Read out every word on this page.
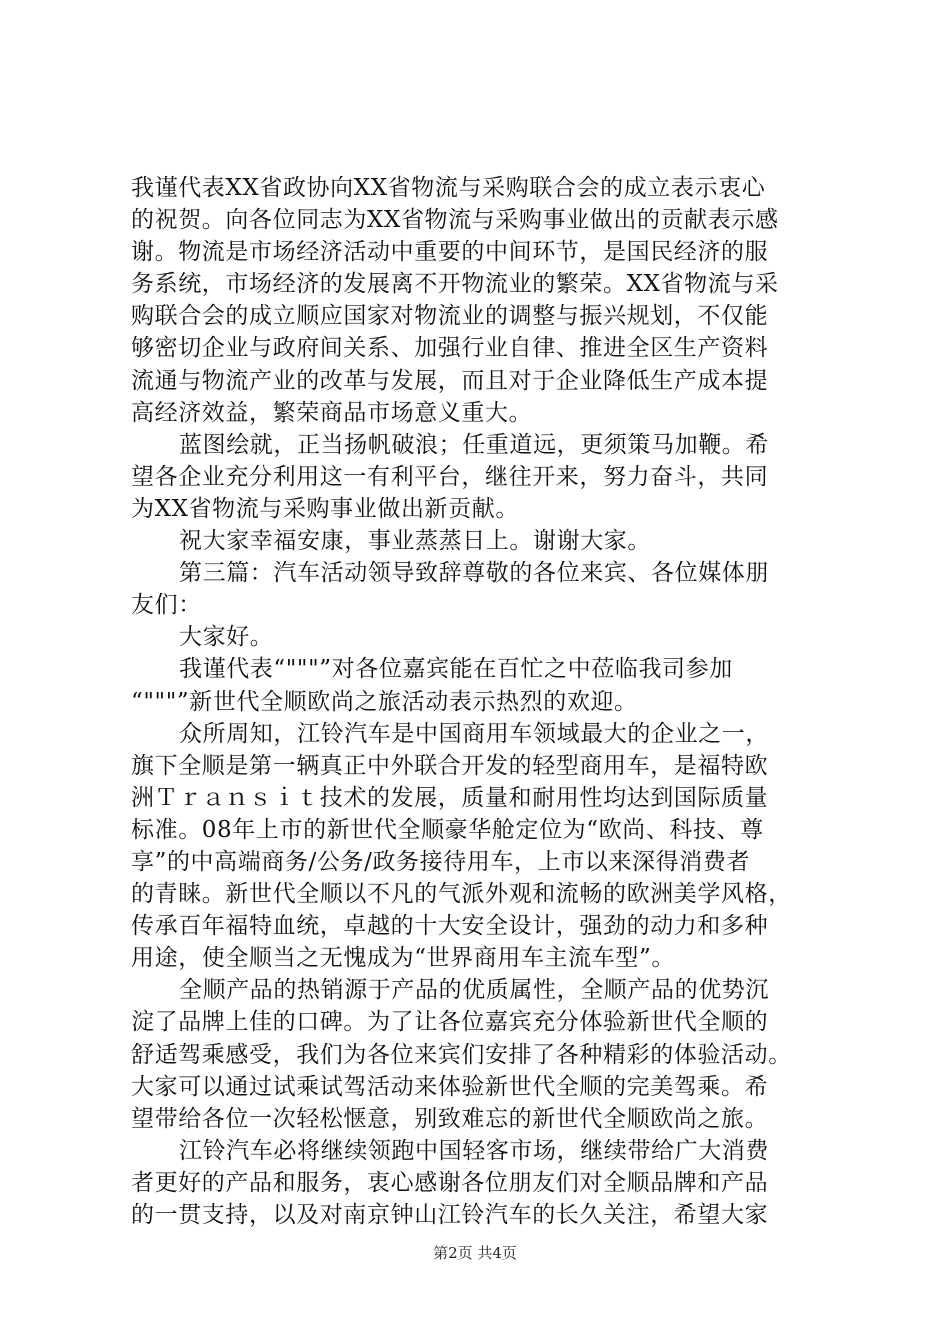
我谨代表XX省政协向XX省物流与采购联合会的成立表示衷心
的祝贺。向各位同志为XX省物流与采购事业做出的贡献表示感
谢。物流是市场经济活动中重要的中间环节，是国民经济的服
务系统，市场经济的发展离不开物流业的繁荣。XX省物流与采
购联合会的成立顺应国家对物流业的调整与振兴规划，不仅能
够密切企业与政府间关系、加强行业自律、推进全区生产资料
流通与物流产业的改革与发展，而且对于企业降低生产成本提
高经济效益，繁荣商品市场意义重大。
蓝图绘就，正当扬帆破浪；任重道远，更须策马加鞭。希
望各企业充分利用这一有利平台，继往开来，努力奋斗，共同
为XX省物流与采购事业做出新贡献。
祝大家幸福安康，事业蒸蒸日上。谢谢大家。
第三篇：汽车活动领导致辞尊敬的各位来宾、各位媒体朋
友们：
大家好。
我谨代表“"""”对各位嘉宾能在百忙之中莅临我司参加
“"""”新世代全顺欧尚之旅活动表示热烈的欢迎。
众所周知，江铃汽车是中国商用车领域最大的企业之一，
旗下全顺是第一辆真正中外联合开发的轻型商用车，是福特欧
洲Ｔｒａｎｓｉｔ技术的发展，质量和耐用性均达到国际质量
标准。08年上市的新世代全顺豪华舱定位为“欧尚、科技、尊
享”的中高端商务/公务/政务接待用车，上市以来深得消费者
的青睐。新世代全顺以不凡的气派外观和流畅的欧洲美学风格，
传承百年福特血统，卓越的十大安全设计，强劲的动力和多种
用途，使全顺当之无愧成为“世界商用车主流车型”。
全顺产品的热销源于产品的优质属性，全顺产品的优势沉
淀了品牌上佳的口碑。为了让各位嘉宾充分体验新世代全顺的
舒适驾乘感受，我们为各位来宾们安排了各种精彩的体验活动。
大家可以通过试乘试驾活动来体验新世代全顺的完美驾乘。希
望带给各位一次轻松惬意，别致难忘的新世代全顺欧尚之旅。
江铃汽车必将继续领跑中国轻客市场，继续带给广大消费
者更好的产品和服务，衷心感谢各位朋友们对全顺品牌和产品
的一贯支持，以及对南京钟山江铃汽车的长久关注，希望大家
第2页 共4页
